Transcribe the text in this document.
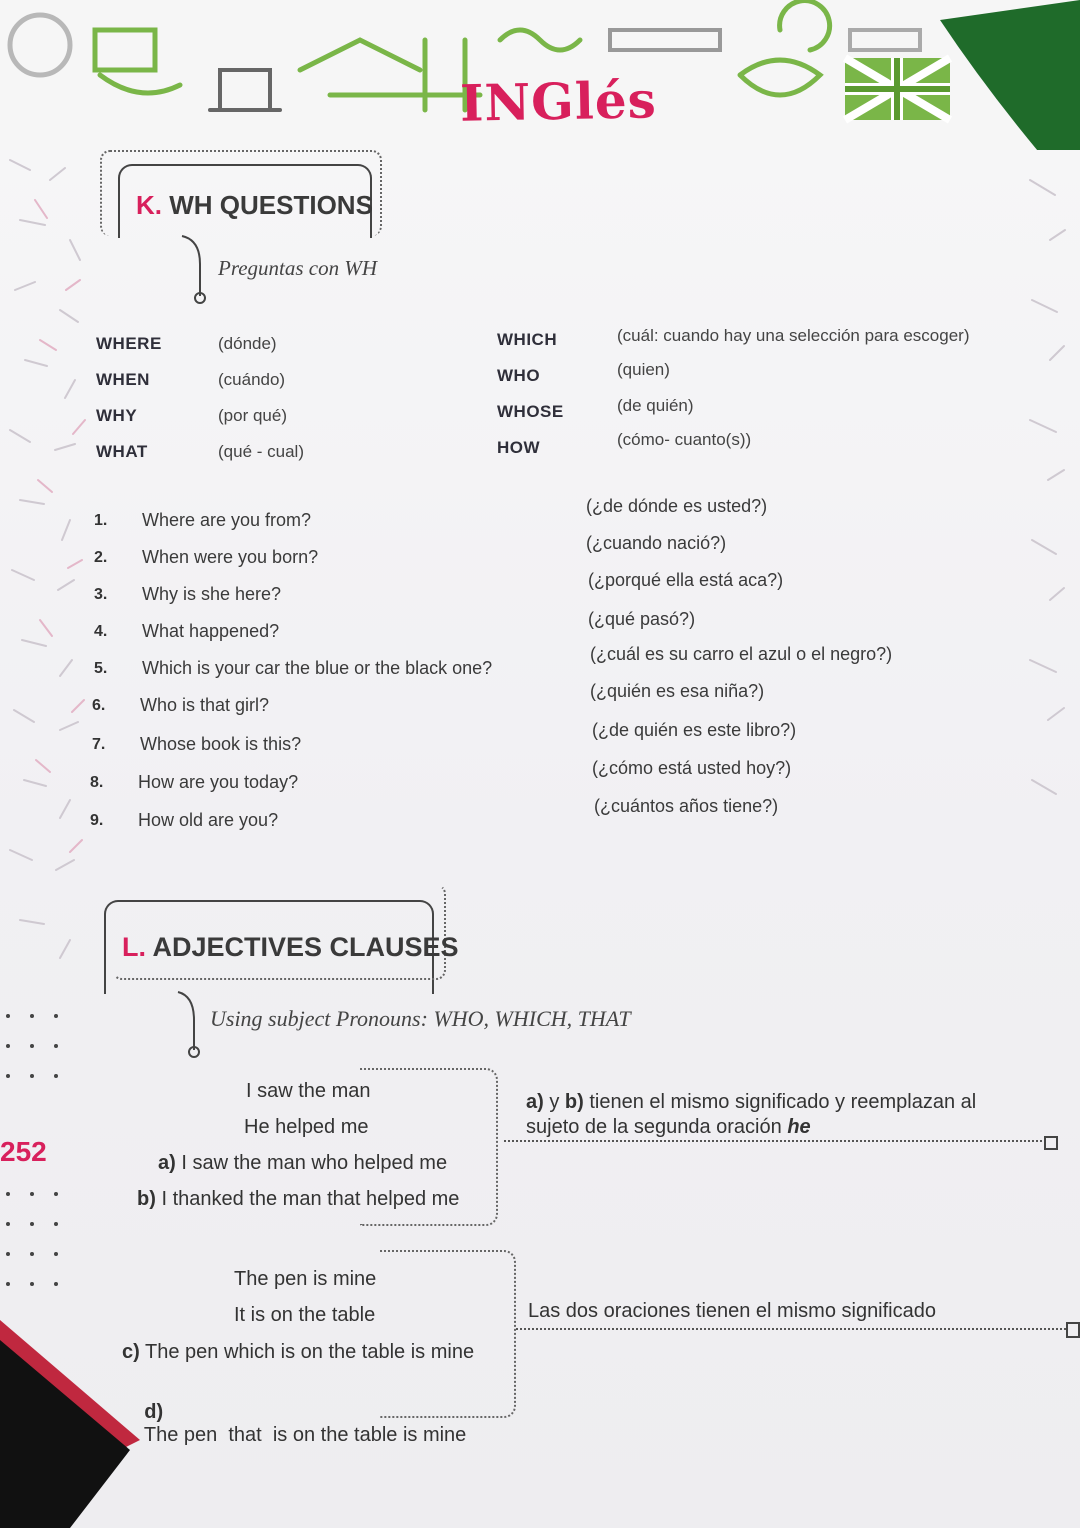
INGlés
K. WH QUESTIONS
Preguntas con WH
WHERE	(dónde)
WHEN	(cuándo)
WHY	(por qué)
WHAT	(qué - cual)
WHICH	(cuál: cuando hay una selección para escoger)
WHO	(quien)
WHOSE	(de quién)
HOW	(cómo- cuanto(s))
1. Where are you from?
(¿de dónde es usted?)
2. When were you born?
(¿cuando nació?)
3. Why is she here?
(¿porqué ella está aca?)
4. What happened?
(¿qué pasó?)
5. Which is your car the blue or the black one?
(¿cuál es su carro el azul o el negro?)
6. Who is that girl?
(¿quién es esa niña?)
7. Whose book is this?
(¿de quién es este libro?)
8. How are you today?
(¿cómo está usted hoy?)
9. How old are you?
(¿cuántos años tiene?)
L. ADJECTIVES CLAUSES
Using subject Pronouns: WHO, WHICH, THAT
I saw the man
He helped me
a) I saw the man who helped me
b) I thanked the man that helped me
a) y b) tienen el mismo significado y reemplazan al
sujeto de la segunda oración he
The pen is mine
It is on the table
c) The pen which is on the table is mine

d)
The pen  that  is on the table is mine

Las dos oraciones tienen el mismo significado
252
